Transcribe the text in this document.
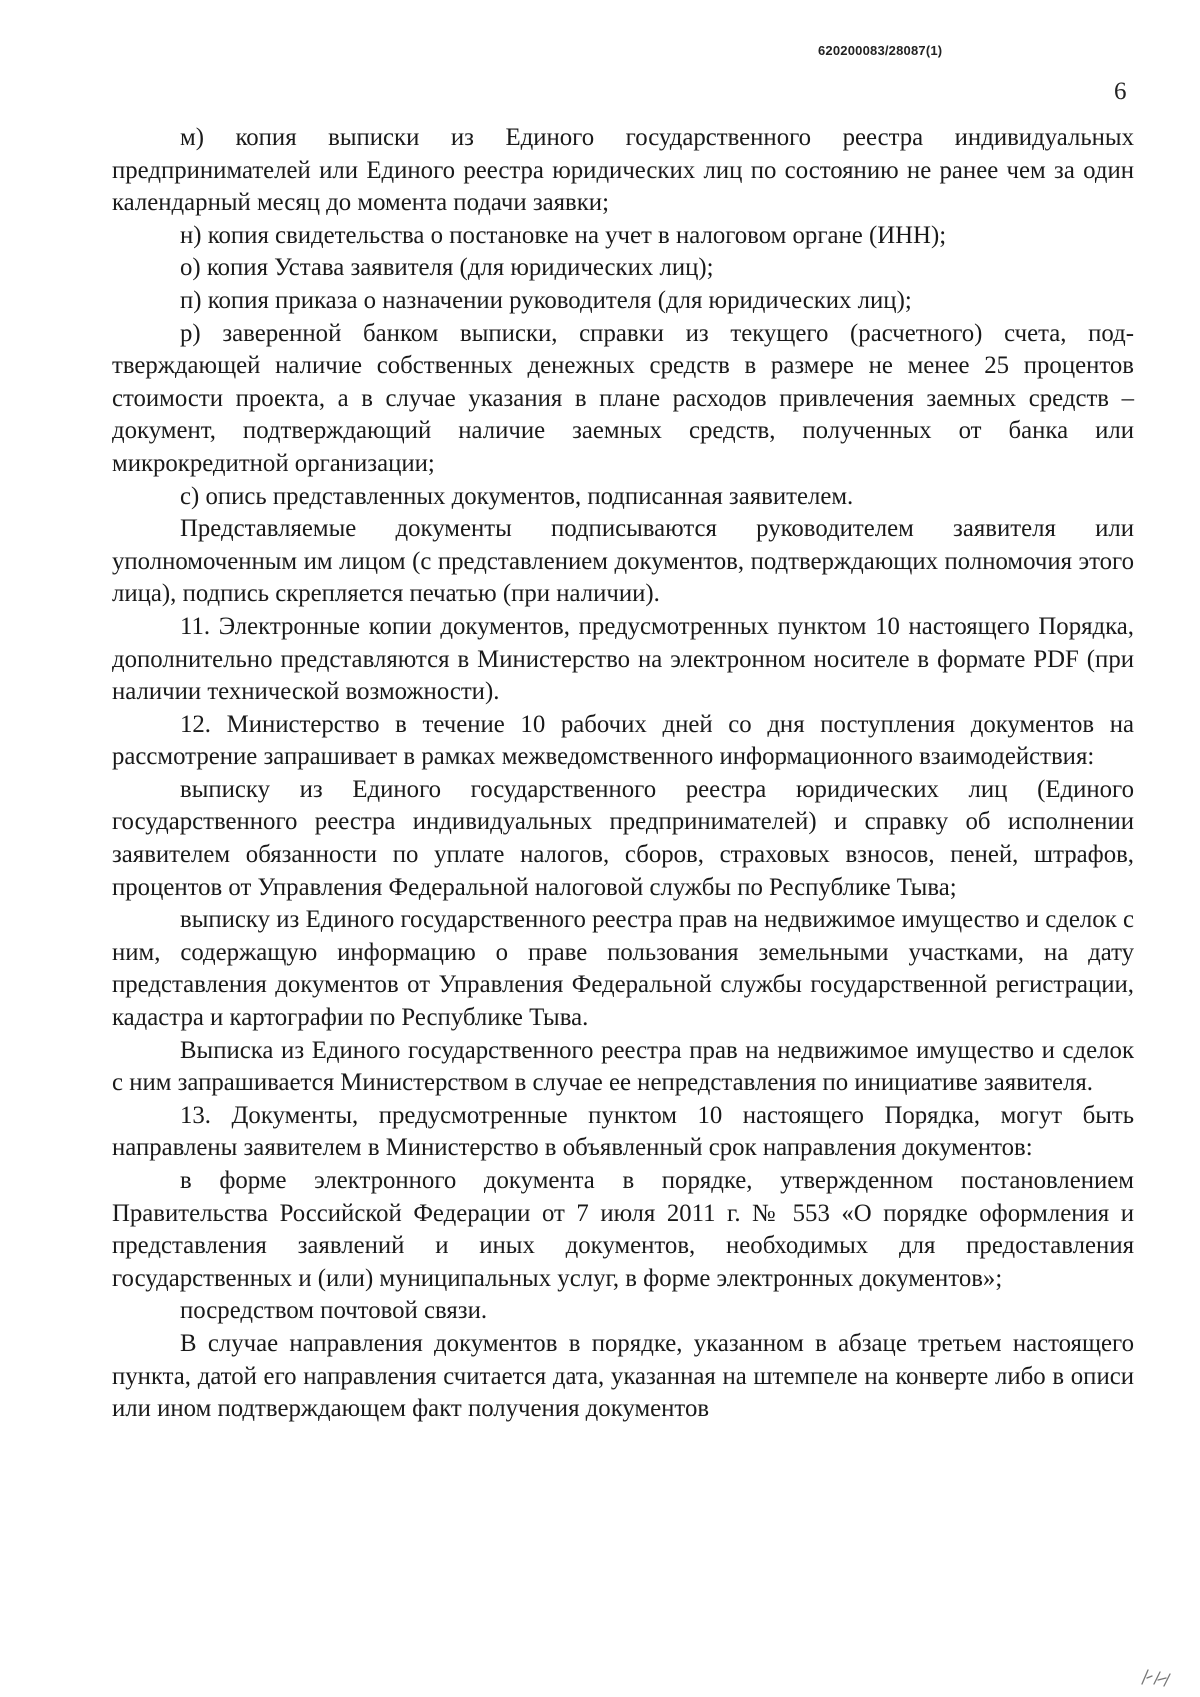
620200083/28087(1)
6

м) копия выписки из Единого государственного реестра индивидуальных предпринимателей или Единого реестра юридических лиц по состоянию не ранее чем за один календарный месяц до момента подачи заявки;

н) копия свидетельства о постановке на учет в налоговом органе (ИНН);

о) копия Устава заявителя (для юридических лиц);

п) копия приказа о назначении руководителя (для юридических лиц);

р) заверенной банком выписки, справки из текущего (расчетного) счета, подтверждающей наличие собственных денежных средств в размере не менее 25 процентов стоимости проекта, а в случае указания в плане расходов привлечения заемных средств – документ, подтверждающий наличие заемных средств, полученных от банка или микрокредитной организации;

с) опись представленных документов, подписанная заявителем.

Представляемые документы подписываются руководителем заявителя или уполномоченным им лицом (с представлением документов, подтверждающих полномочия этого лица), подпись скрепляется печатью (при наличии).

11. Электронные копии документов, предусмотренных пунктом 10 настоящего Порядка, дополнительно представляются в Министерство на электронном носителе в формате PDF (при наличии технической возможности).

12. Министерство в течение 10 рабочих дней со дня поступления документов на рассмотрение запрашивает в рамках межведомственного информационного взаимодействия:

выписку из Единого государственного реестра юридических лиц (Единого государственного реестра индивидуальных предпринимателей) и справку об исполнении заявителем обязанности по уплате налогов, сборов, страховых взносов, пеней, штрафов, процентов от Управления Федеральной налоговой службы по Республике Тыва;

выписку из Единого государственного реестра прав на недвижимое имущество и сделок с ним, содержащую информацию о праве пользования земельными участками, на дату представления документов от Управления Федеральной службы государственной регистрации, кадастра и картографии по Республике Тыва.

Выписка из Единого государственного реестра прав на недвижимое имущество и сделок с ним запрашивается Министерством в случае ее непредставления по инициативе заявителя.

13. Документы, предусмотренные пунктом 10 настоящего Порядка, могут быть направлены заявителем в Министерство в объявленный срок направления документов:

в форме электронного документа в порядке, утвержденном постановлением Правительства Российской Федерации от 7 июля 2011 г. № 553 «О порядке оформления и представления заявлений и иных документов, необходимых для предоставления государственных и (или) муниципальных услуг, в форме электронных документов»;

посредством почтовой связи.

В случае направления документов в порядке, указанном в абзаце третьем настоящего пункта, датой его направления считается дата, указанная на штемпеле на конверте либо в описи или ином подтверждающем факт получения документов
